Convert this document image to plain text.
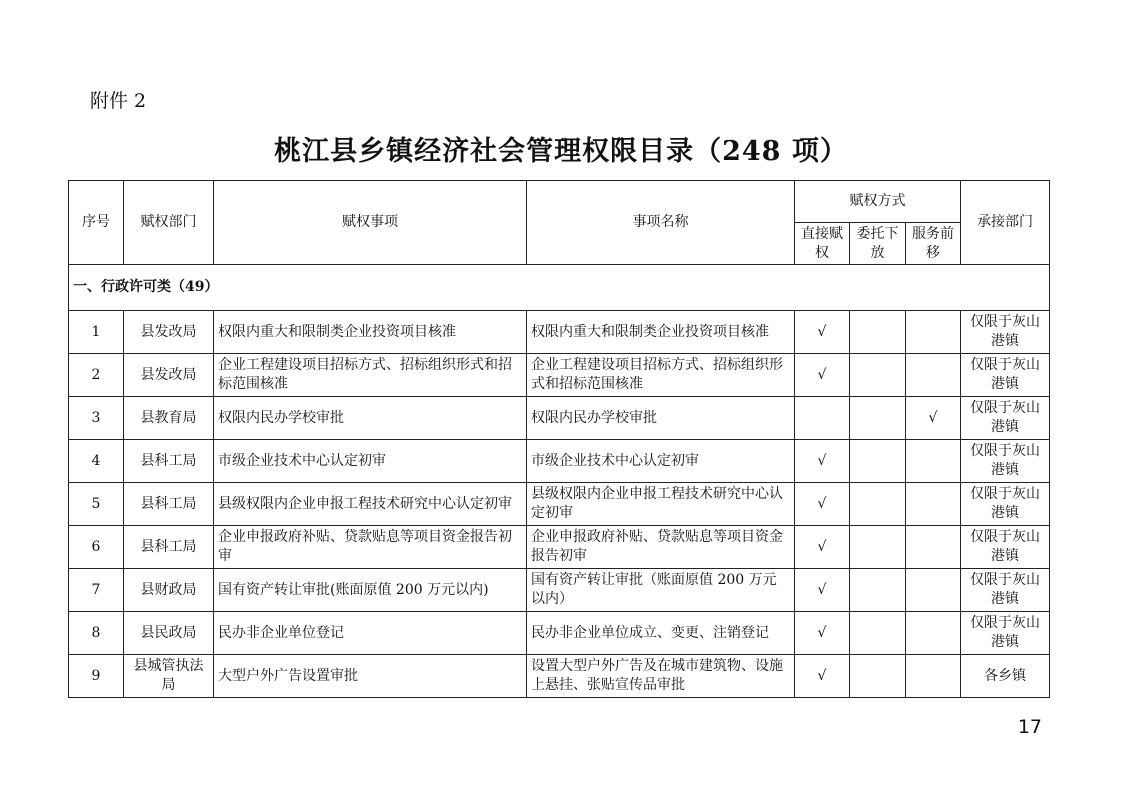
附件 2
桃江县乡镇经济社会管理权限目录（248 项）
序号	赋权部门	赋权事项	事项名称	赋权方式			承接部门
				直接赋权	委托下放	服务前移	
一、行政许可类（49）							
1	县发改局	权限内重大和限制类企业投资项目核准	权限内重大和限制类企业投资项目核准	√			仅限于灰山港镇
2	县发改局	企业工程建设项目招标方式、招标组织形式和招标范围核准	企业工程建设项目招标方式、招标组织形式和招标范围核准	√			仅限于灰山港镇
3	县教育局	权限内民办学校审批	权限内民办学校审批			√	仅限于灰山港镇
4	县科工局	市级企业技术中心认定初审	市级企业技术中心认定初审	√			仅限于灰山港镇
5	县科工局	县级权限内企业申报工程技术研究中心认定初审	县级权限内企业申报工程技术研究中心认定初审	√			仅限于灰山港镇
6	县科工局	企业申报政府补贴、贷款贴息等项目资金报告初审	企业申报政府补贴、贷款贴息等项目资金报告初审	√			仅限于灰山港镇
7	县财政局	国有资产转让审批(账面原值 200 万元以内)	国有资产转让审批（账面原值 200 万元以内）	√			仅限于灰山港镇
8	县民政局	民办非企业单位登记	民办非企业单位成立、变更、注销登记	√			仅限于灰山港镇
9	县城管执法局	大型户外广告设置审批	设置大型户外广告及在城市建筑物、设施上悬挂、张贴宣传品审批	√			各乡镇
17
